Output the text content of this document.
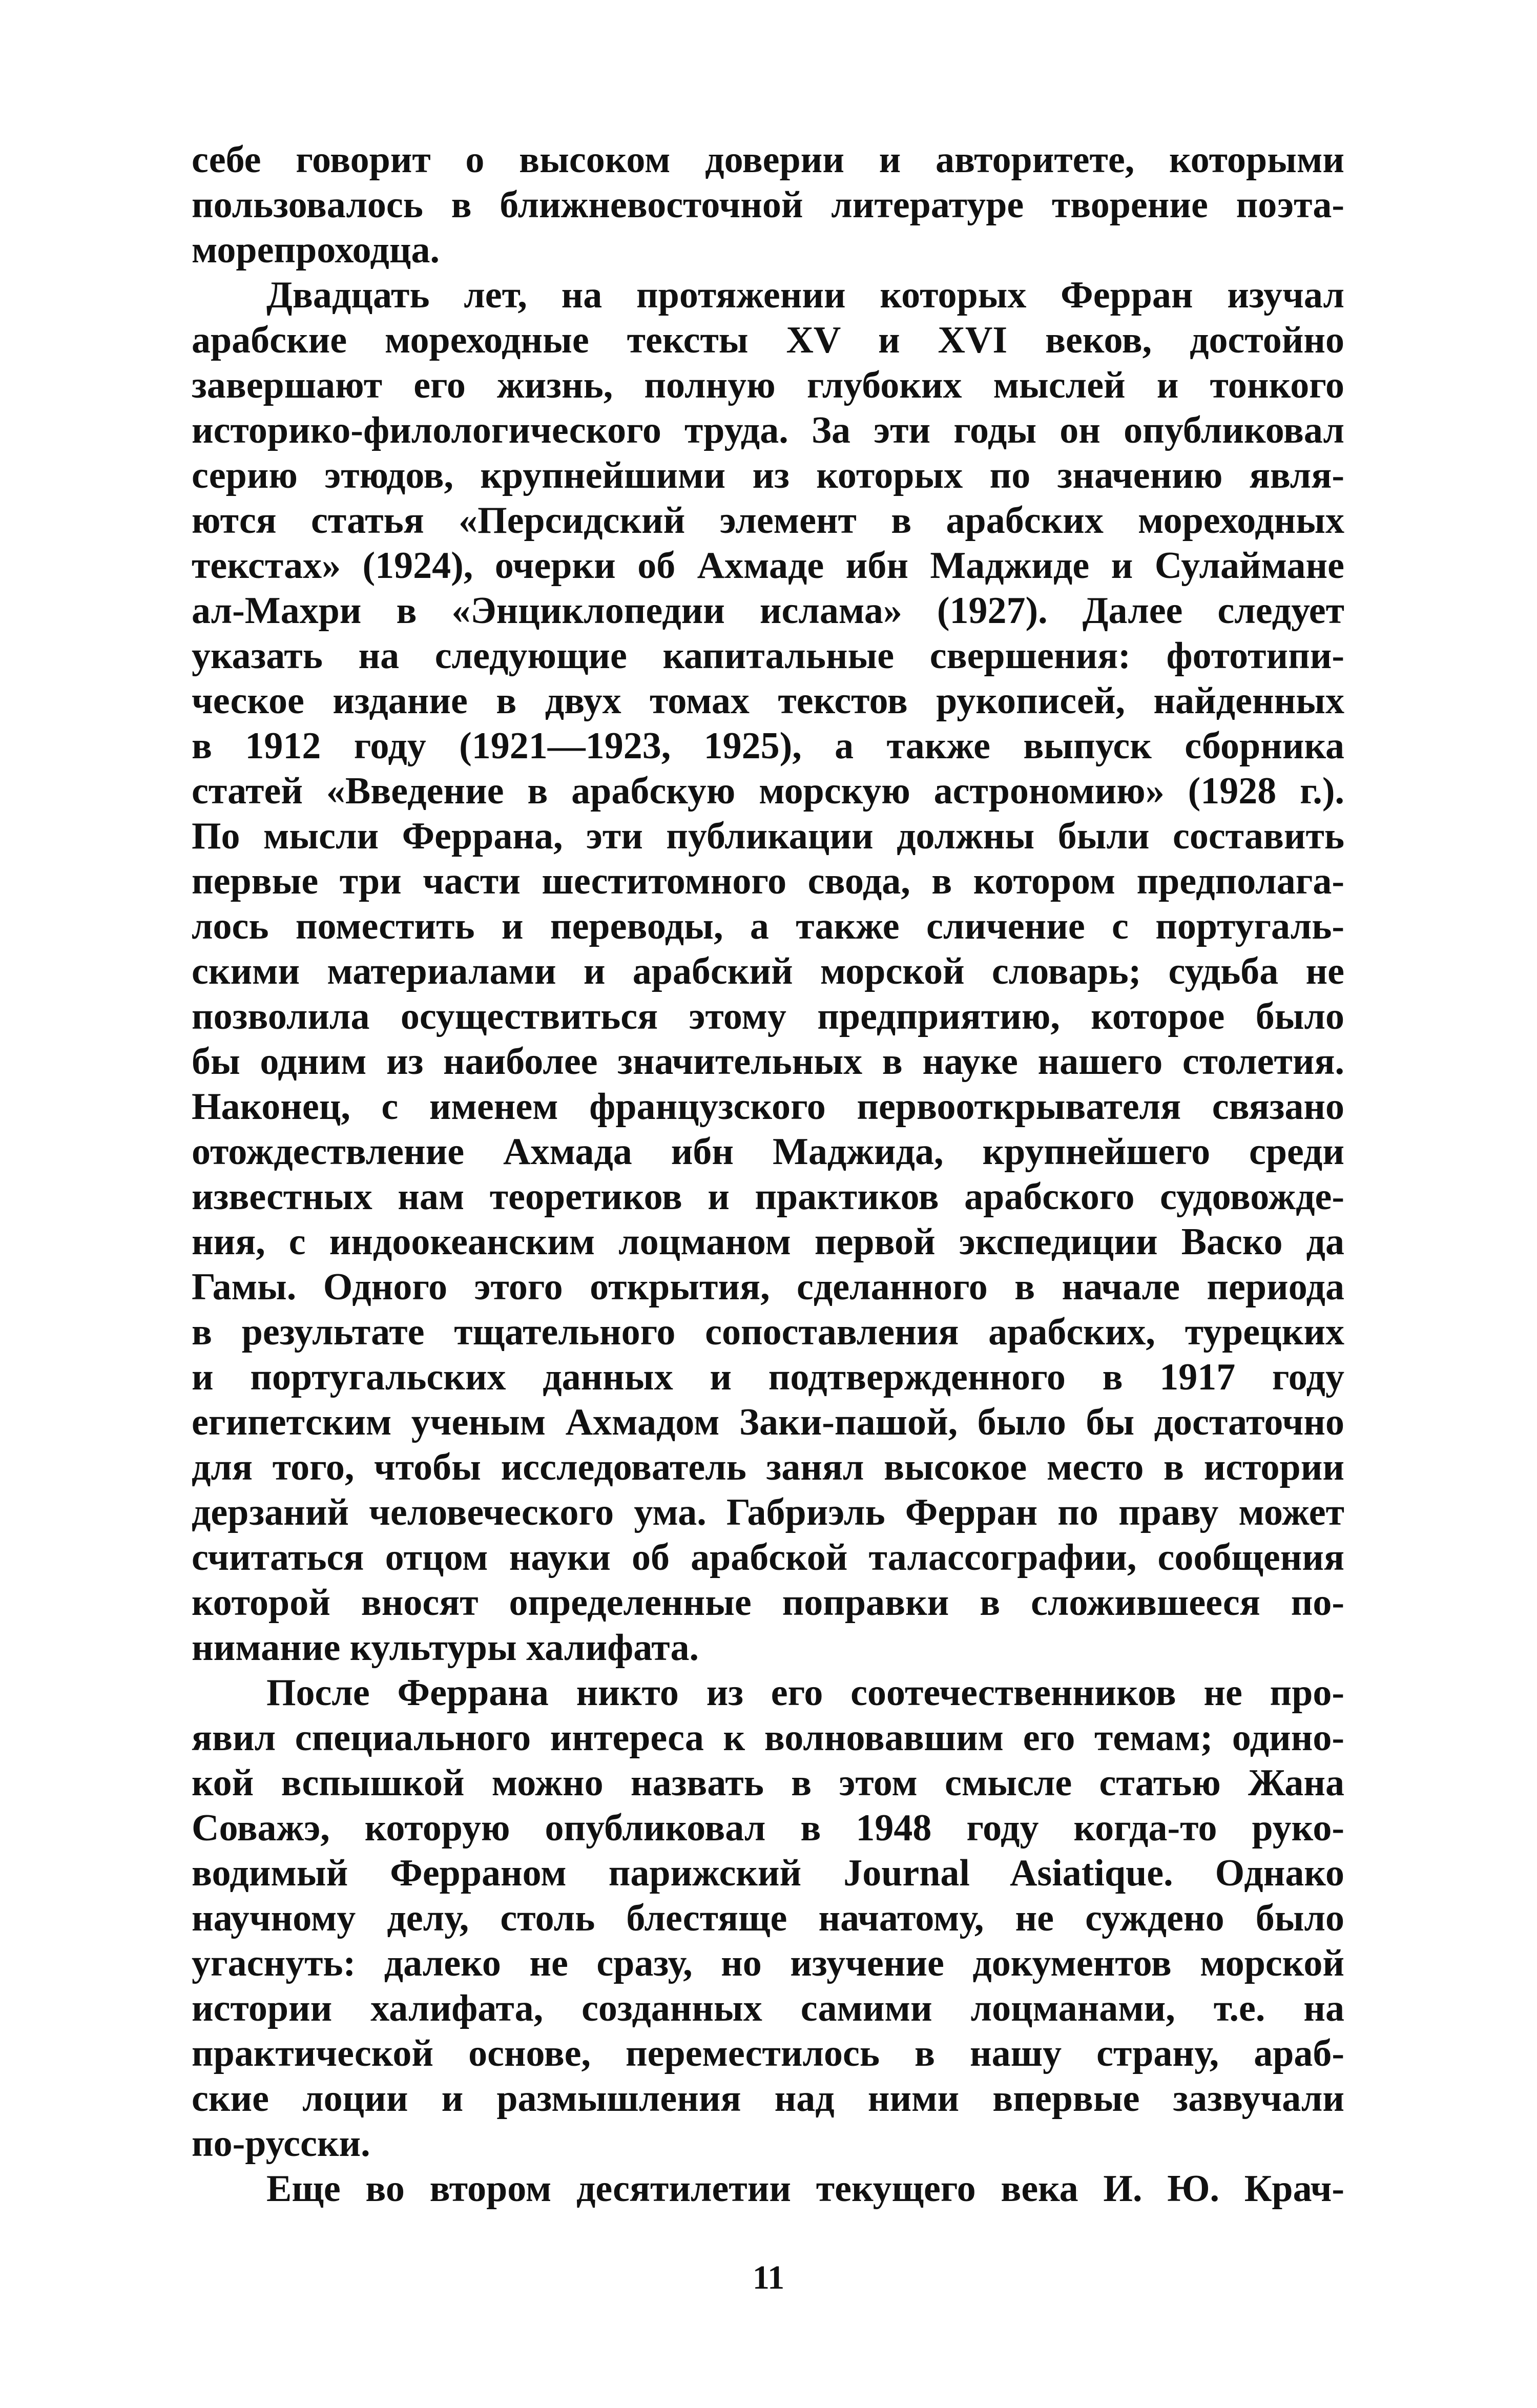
себе говорит о высоком доверии и авторитете, которыми
пользовалось в ближневосточной литературе творение поэта-
морепроходца.
Двадцать лет, на протяжении которых Ферран изучал
арабские мореходные тексты XV и XVI веков, достойно
завершают его жизнь, полную глубоких мыслей и тонкого
историко-филологического труда. За эти годы он опубликовал
серию этюдов, крупнейшими из которых по значению явля-
ются статья «Персидский элемент в арабских мореходных
текстах» (1924), очерки об Ахмаде ибн Маджиде и Сулаймане
ал-Махри в «Энциклопедии ислама» (1927). Далее следует
указать на следующие капитальные свершения: фототипи-
ческое издание в двух томах текстов рукописей, найденных
в 1912 году (1921—1923, 1925), а также выпуск сборника
статей «Введение в арабскую морскую астрономию» (1928 г.).
По мысли Феррана, эти публикации должны были составить
первые три части шеститомного свода, в котором предполага-
лось поместить и переводы, а также сличение с португаль-
скими материалами и арабский морской словарь; судьба не
позволила осуществиться этому предприятию, которое было
бы одним из наиболее значительных в науке нашего столетия.
Наконец, с именем французского первооткрывателя связано
отождествление Ахмада ибн Маджида, крупнейшего среди
известных нам теоретиков и практиков арабского судовожде-
ния, с индоокеанским лоцманом первой экспедиции Васко да
Гамы. Одного этого открытия, сделанного в начале периода
в результате тщательного сопоставления арабских, турецких
и португальских данных и подтвержденного в 1917 году
египетским ученым Ахмадом Заки-пашой, было бы достаточно
для того, чтобы исследователь занял высокое место в истории
дерзаний человеческого ума. Габриэль Ферран по праву может
считаться отцом науки об арабской талассографии, сообщения
которой вносят определенные поправки в сложившееся по-
нимание культуры халифата.
После Феррана никто из его соотечественников не про-
явил специального интереса к волновавшим его темам; одино-
кой вспышкой можно назвать в этом смысле статью Жана
Соважэ, которую опубликовал в 1948 году когда-то руко-
водимый Ферраном парижский Journal Asiatique. Однако
научному делу, столь блестяще начатому, не суждено было
угаснуть: далеко не сразу, но изучение документов морской
истории халифата, созданных самими лоцманами, т.е. на
практической основе, переместилось в нашу страну, араб-
ские лоции и размышления над ними впервые зазвучали
по-русски.
Еще во втором десятилетии текущего века И. Ю. Крач-
11
